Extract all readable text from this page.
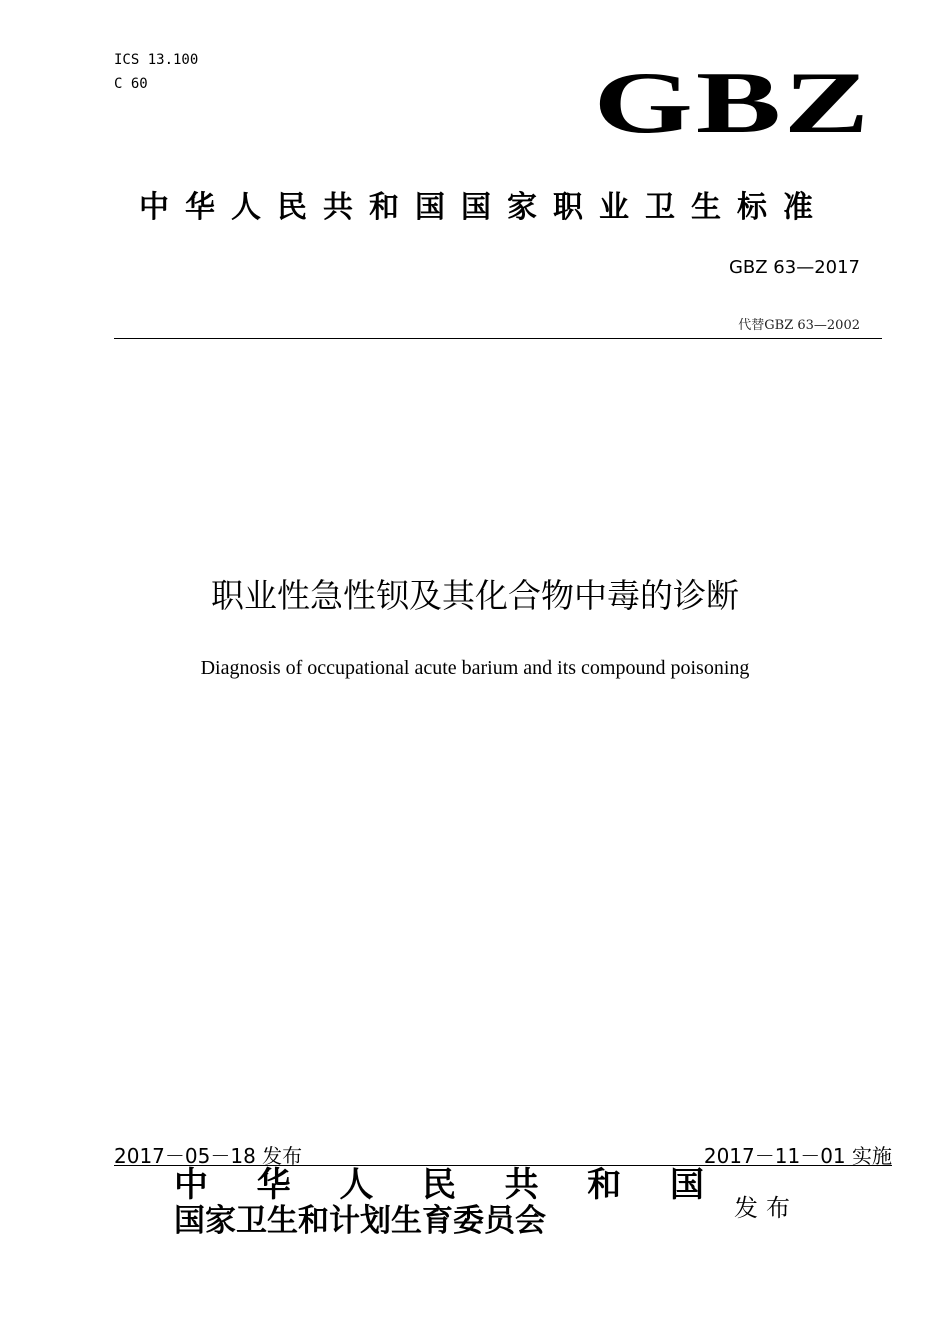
ICS 13.100
C 60	GBZ
中华人民共和国国家职业卫生标准
GBZ 63—2017
代替GBZ 63—2002
职业性急性钡及其化合物中毒的诊断
Diagnosis of occupational acute barium and its compound poisoning
2017－05－18 发布	2017－11－01 实施
中 华 人 民 共 和 国
国家卫生和计划生育委员会	发布
